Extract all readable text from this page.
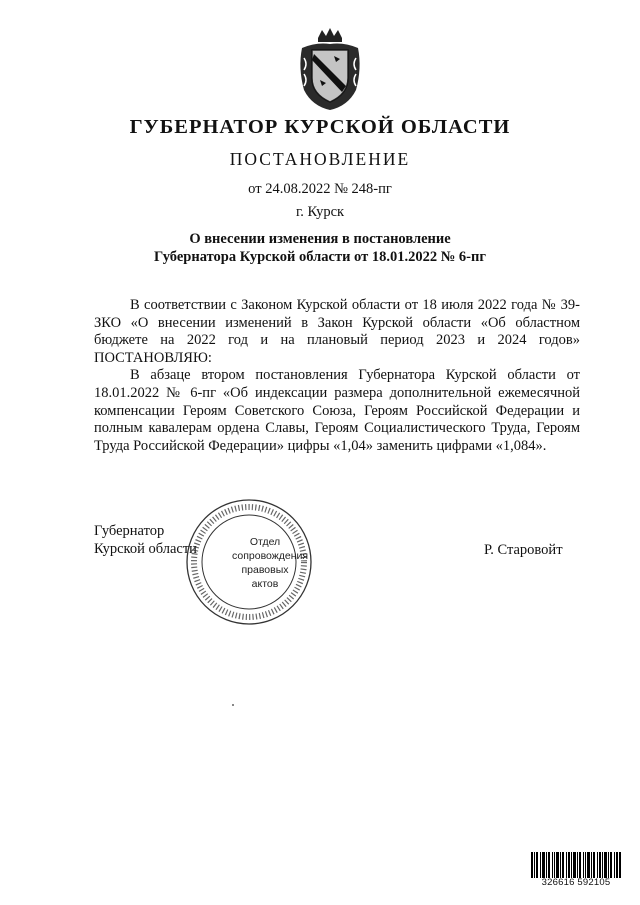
ГУБЕРНАТОР КУРСКОЙ ОБЛАСТИ
ПОСТАНОВЛЕНИЕ
от 24.08.2022 № 248-пг
г. Курск
О внесении изменения в постановление
Губернатора Курской области от 18.01.2022 № 6-пг

В соответствии с Законом Курской области от 18 июля 2022 года № 39-ЗКО «О внесении изменений в Закон Курской области «Об областном бюджете на 2022 год и на плановый период 2023 и 2024 годов» ПОСТАНОВЛЯЮ:

В абзаце втором постановления Губернатора Курской области от 18.01.2022 № 6-пг «Об индексации размера дополнительной ежемесячной компенсации Героям Советского Союза, Героям Российской Федерации и полным кавалерам ордена Славы, Героям Социалистического Труда, Героям Труда Российской Федерации» цифры «1,04» заменить цифрами «1,084».

Губернатор
Курской области	Р. Старовойт
Отдел
сопровождения
правовых
актов
326616 592105
